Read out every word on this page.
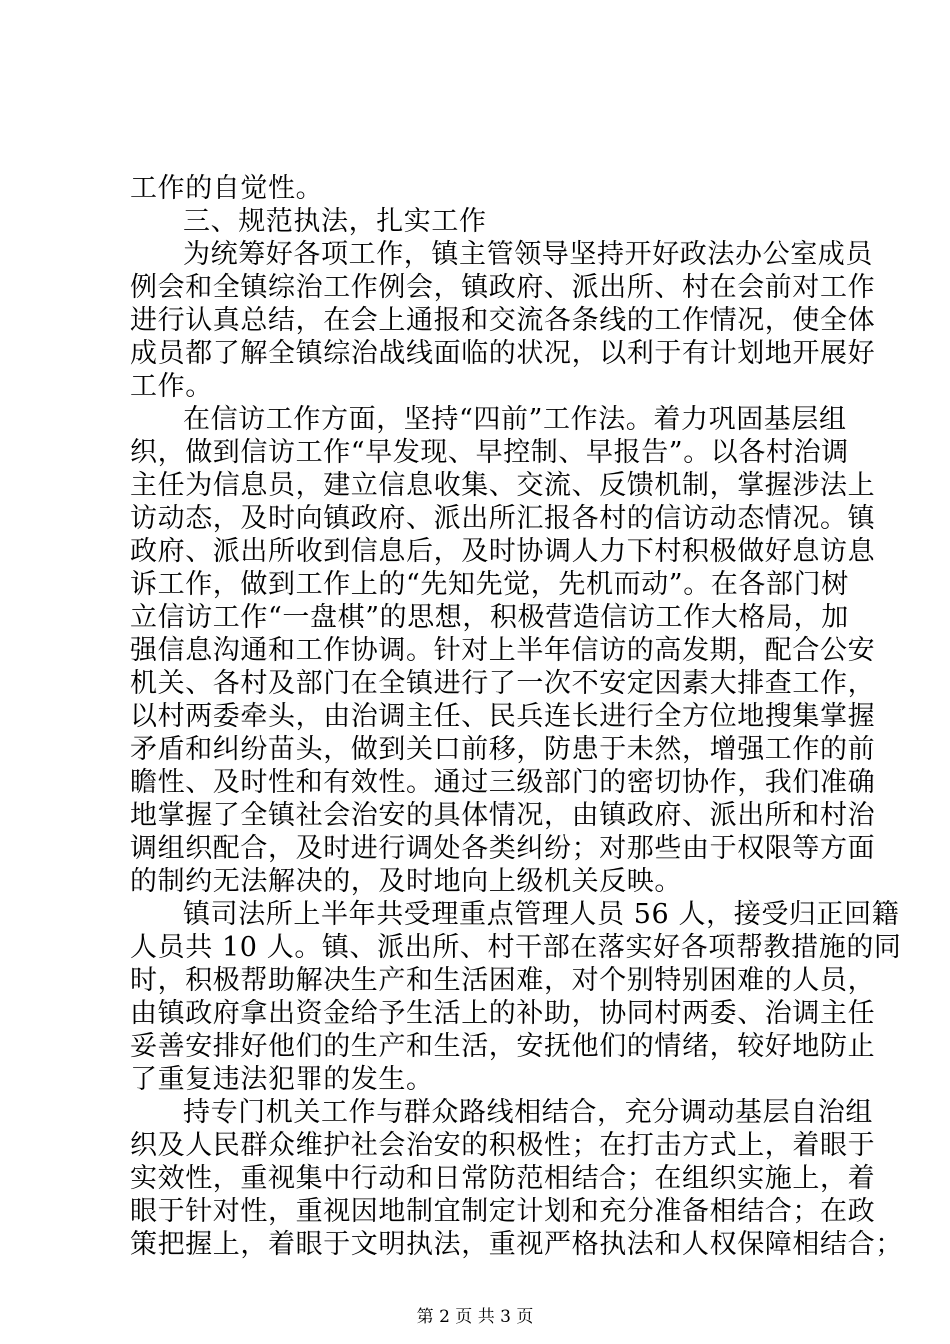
工作的自觉性。
三、规范执法，扎实工作
为统筹好各项工作，镇主管领导坚持开好政法办公室成员
例会和全镇综治工作例会，镇政府、派出所、村在会前对工作
进行认真总结，在会上通报和交流各条线的工作情况，使全体
成员都了解全镇综治战线面临的状况，以利于有计划地开展好
工作。
在信访工作方面，坚持“四前”工作法。着力巩固基层组
织，做到信访工作“早发现、早控制、早报告”。以各村治调
主任为信息员，建立信息收集、交流、反馈机制，掌握涉法上
访动态，及时向镇政府、派出所汇报各村的信访动态情况。镇
政府、派出所收到信息后，及时协调人力下村积极做好息访息
诉工作，做到工作上的“先知先觉，先机而动”。在各部门树
立信访工作“一盘棋”的思想，积极营造信访工作大格局，加
强信息沟通和工作协调。针对上半年信访的高发期，配合公安
机关、各村及部门在全镇进行了一次不安定因素大排查工作，
以村两委牵头，由治调主任、民兵连长进行全方位地搜集掌握
矛盾和纠纷苗头，做到关口前移，防患于未然，增强工作的前
瞻性、及时性和有效性。通过三级部门的密切协作，我们准确
地掌握了全镇社会治安的具体情况，由镇政府、派出所和村治
调组织配合，及时进行调处各类纠纷；对那些由于权限等方面
的制约无法解决的，及时地向上级机关反映。
镇司法所上半年共受理重点管理人员 56 人，接受归正回籍
人员共 10 人。镇、派出所、村干部在落实好各项帮教措施的同
时，积极帮助解决生产和生活困难，对个别特别困难的人员，
由镇政府拿出资金给予生活上的补助，协同村两委、治调主任
妥善安排好他们的生产和生活，安抚他们的情绪，较好地防止
了重复违法犯罪的发生。
持专门机关工作与群众路线相结合，充分调动基层自治组
织及人民群众维护社会治安的积极性；在打击方式上，着眼于
实效性，重视集中行动和日常防范相结合；在组织实施上，着
眼于针对性，重视因地制宜制定计划和充分准备相结合；在政
策把握上，着眼于文明执法，重视严格执法和人权保障相结合；
第 2 页 共 3 页
